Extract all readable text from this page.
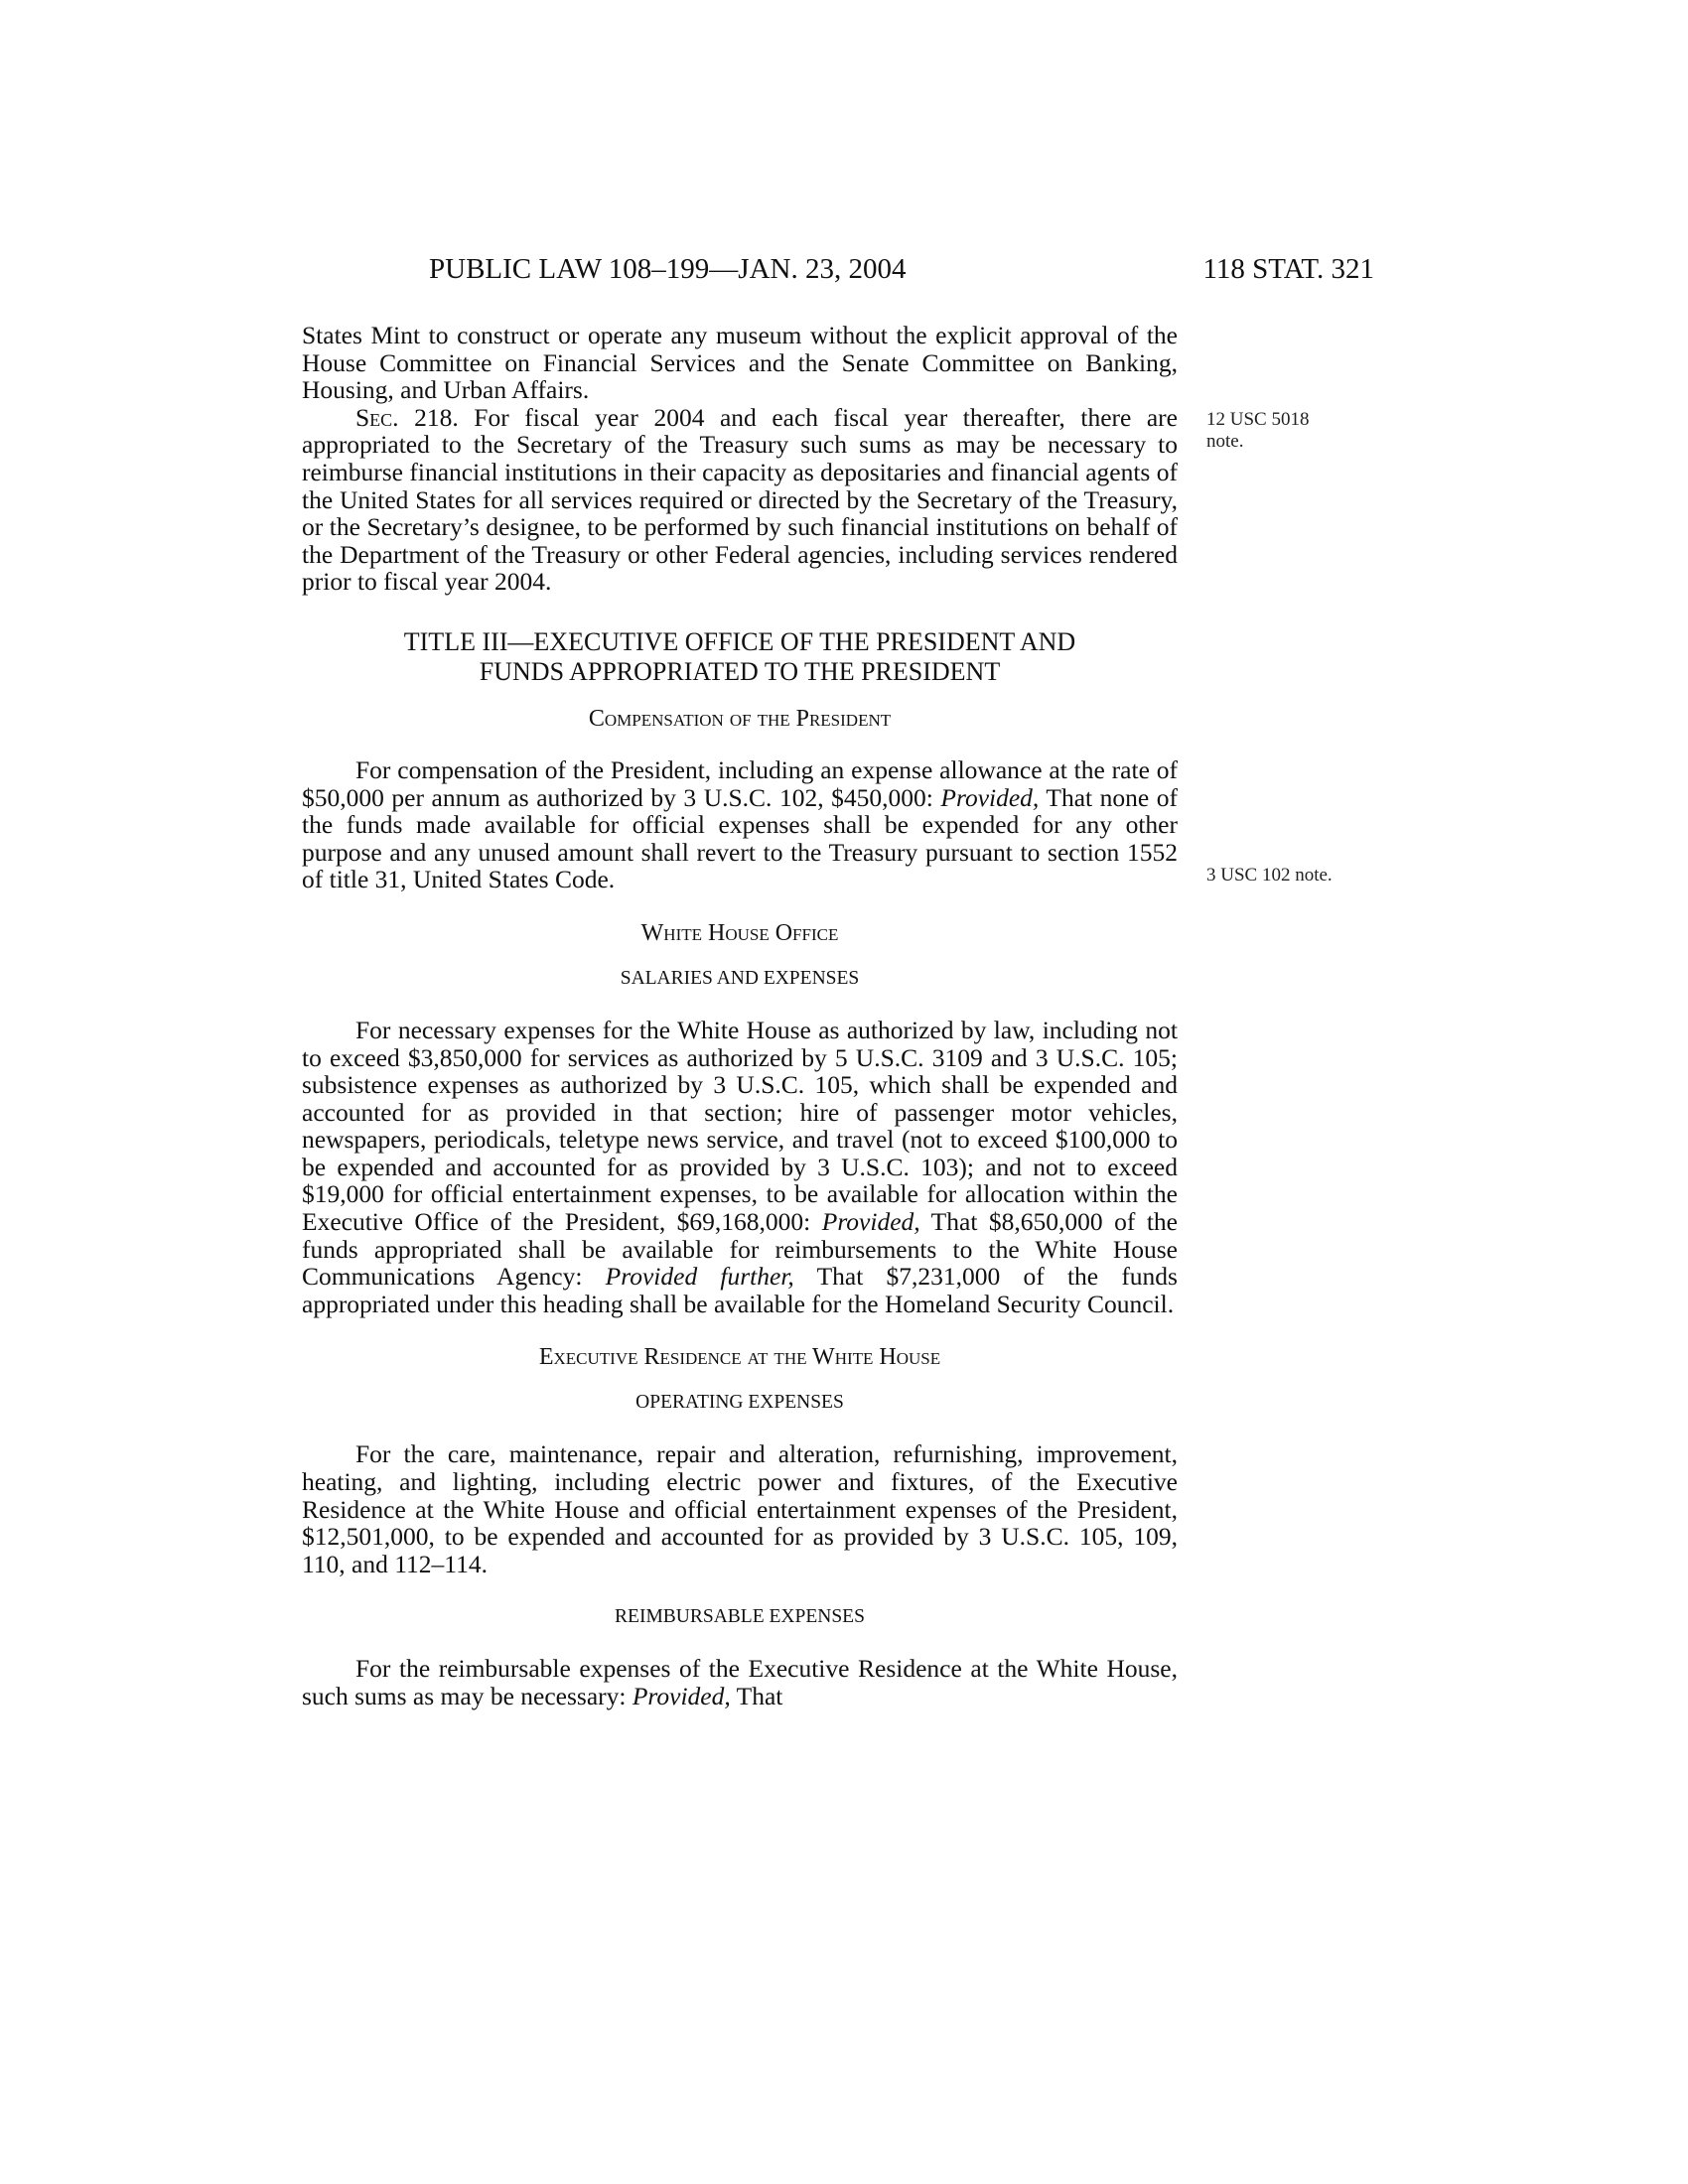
PUBLIC LAW 108–199—JAN. 23, 2004	118 STAT. 321
12 USC 5018
note.
3 USC 102 note.

States Mint to construct or operate any museum without the explicit approval of the House Committee on Financial Services and the Senate Committee on Banking, Housing, and Urban Affairs.

Sec. 218. For fiscal year 2004 and each fiscal year thereafter, there are appropriated to the Secretary of the Treasury such sums as may be necessary to reimburse financial institutions in their capacity as depositaries and financial agents of the United States for all services required or directed by the Secretary of the Treasury, or the Secretary’s designee, to be performed by such financial institutions on behalf of the Department of the Treasury or other Federal agencies, including services rendered prior to fiscal year 2004.

TITLE III—EXECUTIVE OFFICE OF THE PRESIDENT AND
FUNDS APPROPRIATED TO THE PRESIDENT
Compensation of the President

For compensation of the President, including an expense allowance at the rate of $50,000 per annum as authorized by 3 U.S.C. 102, $450,000: Provided, That none of the funds made available for official expenses shall be expended for any other purpose and any unused amount shall revert to the Treasury pursuant to section 1552 of title 31, United States Code.

White House Office
SALARIES AND EXPENSES

For necessary expenses for the White House as authorized by law, including not to exceed $3,850,000 for services as authorized by 5 U.S.C. 3109 and 3 U.S.C. 105; subsistence expenses as authorized by 3 U.S.C. 105, which shall be expended and accounted for as provided in that section; hire of passenger motor vehicles, newspapers, periodicals, teletype news service, and travel (not to exceed $100,000 to be expended and accounted for as provided by 3 U.S.C. 103); and not to exceed $19,000 for official entertainment expenses, to be available for allocation within the Executive Office of the President, $69,168,000: Provided, That $8,650,000 of the funds appropriated shall be available for reimbursements to the White House Communications Agency: Provided further, That $7,231,000 of the funds appropriated under this heading shall be available for the Homeland Security Council.

Executive Residence at the White House
OPERATING EXPENSES

For the care, maintenance, repair and alteration, refurnishing, improvement, heating, and lighting, including electric power and fixtures, of the Executive Residence at the White House and official entertainment expenses of the President, $12,501,000, to be expended and accounted for as provided by 3 U.S.C. 105, 109, 110, and 112–114.

REIMBURSABLE EXPENSES

For the reimbursable expenses of the Executive Residence at the White House, such sums as may be necessary: Provided, That
